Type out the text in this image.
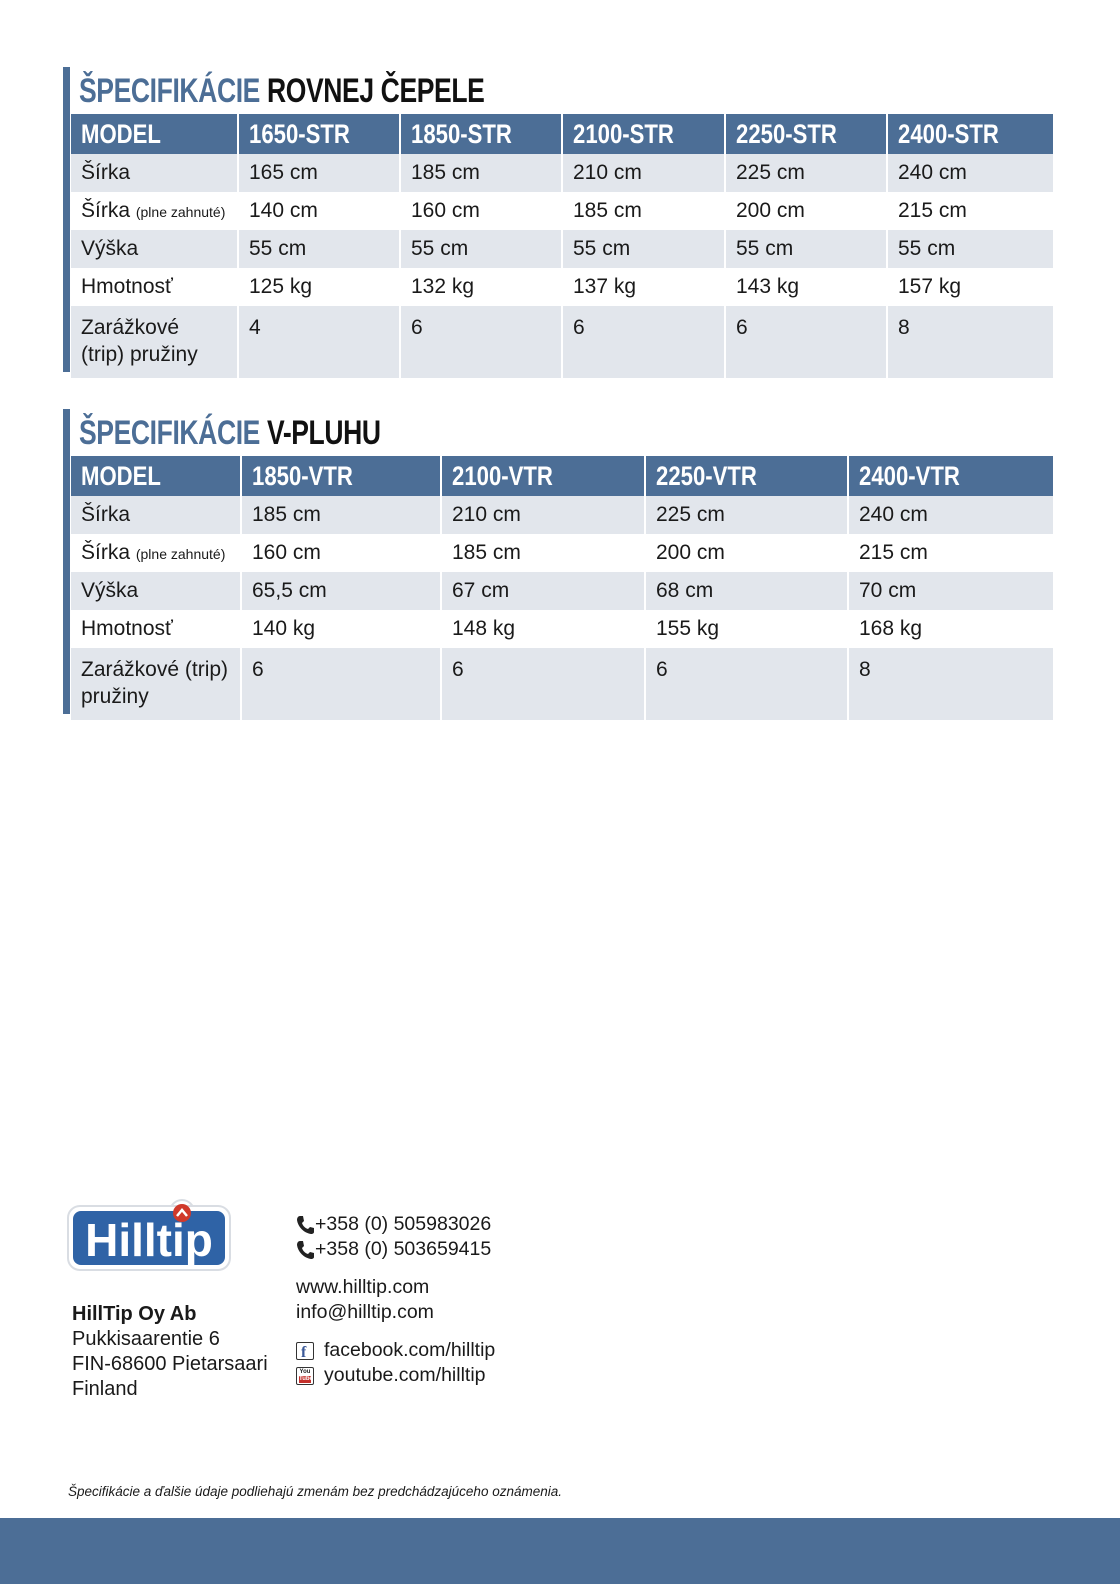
ŠPECIFIKÁCIE ROVNEJ ČEPELE
MODEL	1650-STR	1850-STR	2100-STR	2250-STR	2400-STR
Šírka	165 cm	185 cm	210 cm	225 cm	240 cm
Šírka (plne zahnuté)	140 cm	160 cm	185 cm	200 cm	215 cm
Výška	55 cm	55 cm	55 cm	55 cm	55 cm
Hmotnosť	125 kg	132 kg	137 kg	143 kg	157 kg
Zarážkové (trip) pružiny	4	6	6	6	8
ŠPECIFIKÁCIE V-PLUHU
MODEL	1850-VTR	2100-VTR	2250-VTR	2400-VTR
Šírka	185 cm	210 cm	225 cm	240 cm
Šírka (plne zahnuté)	160 cm	185 cm	200 cm	215 cm
Výška	65,5 cm	67 cm	68 cm	70 cm
Hmotnosť	140 kg	148 kg	155 kg	168 kg
Zarážkové (trip) pružiny	6	6	6	8
Hilltip
HillTip Oy Ab
Pukkisaarentie 6
FIN-68600 Pietarsaari
Finland
+358 (0) 505983026
+358 (0) 503659415
www.hilltip.com
info@hilltip.com
f
facebook.com/hilltip
You
Tube youtube.com/hilltip
Špecifikácie a ďalšie údaje podliehajú zmenám bez predchádzajúceho oznámenia.
